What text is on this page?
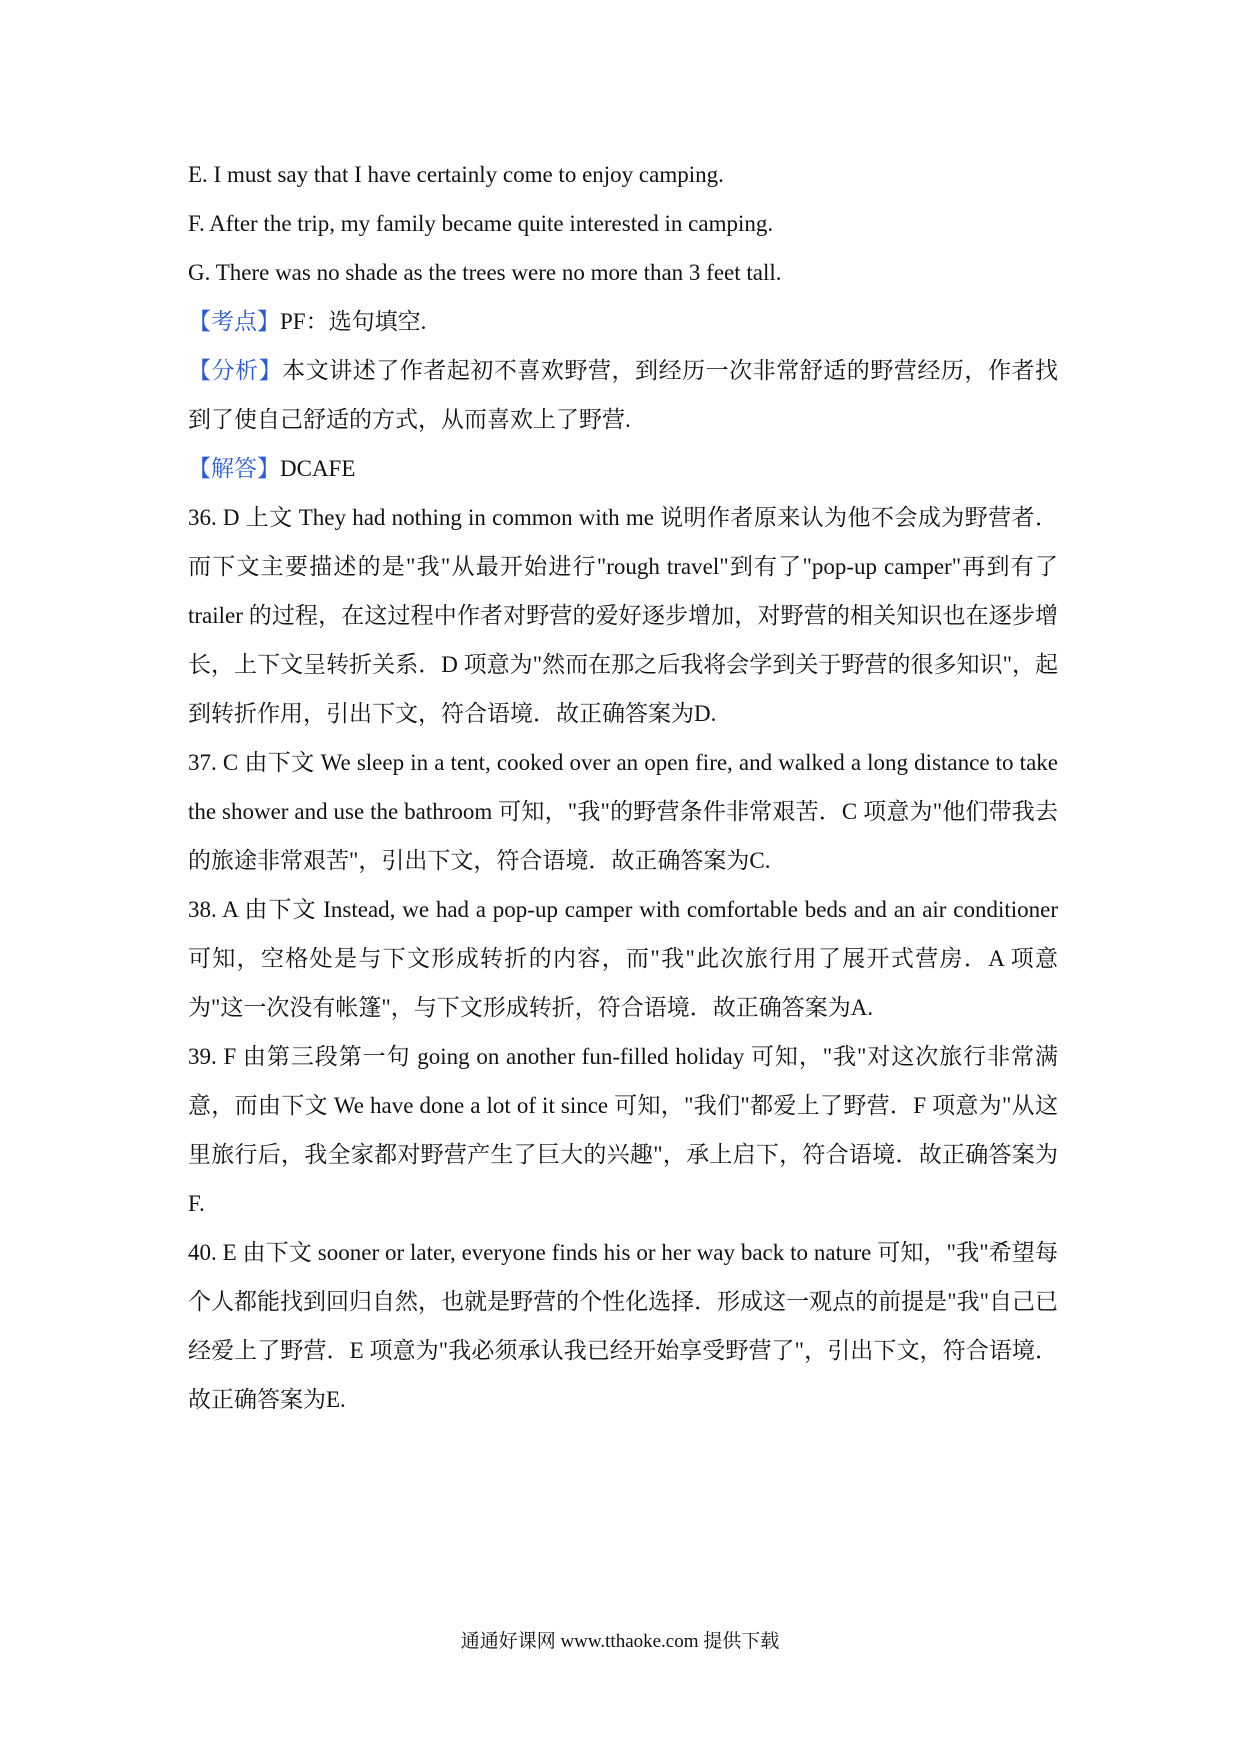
E. I must say that I have certainly come to enjoy camping.
F. After the trip, my family became quite interested in camping.
G. There was no shade as the trees were no more than 3 feet tall.
【考点】PF：选句填空.
【分析】本文讲述了作者起初不喜欢野营，到经历一次非常舒适的野营经历，作者找到了使自己舒适的方式，从而喜欢上了野营.
【解答】DCAFE
36. D 上文 They had nothing in common with me 说明作者原来认为他不会成为野营者．而下文主要描述的是"我"从最开始进行"rough travel"到有了"pop-up camper"再到有了 trailer 的过程，在这过程中作者对野营的爱好逐步增加，对野营的相关知识也在逐步增长，上下文呈转折关系．D 项意为"然而在那之后我将会学到关于野营的很多知识"，起到转折作用，引出下文，符合语境．故正确答案为D.
37. C 由下文 We sleep in a tent, cooked over an open fire, and walked a long distance to take the shower and use the bathroom 可知，"我"的野营条件非常艰苦．C 项意为"他们带我去的旅途非常艰苦"，引出下文，符合语境．故正确答案为C.
38. A 由下文 Instead, we had a pop-up camper with comfortable beds and an air conditioner 可知，空格处是与下文形成转折的内容，而"我"此次旅行用了展开式营房．A 项意为"这一次没有帐篷"，与下文形成转折，符合语境．故正确答案为A.
39. F 由第三段第一句 going on another fun-filled holiday 可知，"我"对这次旅行非常满意，而由下文 We have done a lot of it since 可知，"我们"都爱上了野营．F 项意为"从这里旅行后，我全家都对野营产生了巨大的兴趣"，承上启下，符合语境．故正确答案为F.
40. E 由下文 sooner or later, everyone finds his or her way back to nature 可知，"我"希望每个人都能找到回归自然，也就是野营的个性化选择．形成这一观点的前提是"我"自己已经爱上了野营．E 项意为"我必须承认我已经开始享受野营了"，引出下文，符合语境．故正确答案为E.
通通好课网 www.tthaoke.com 提供下载
